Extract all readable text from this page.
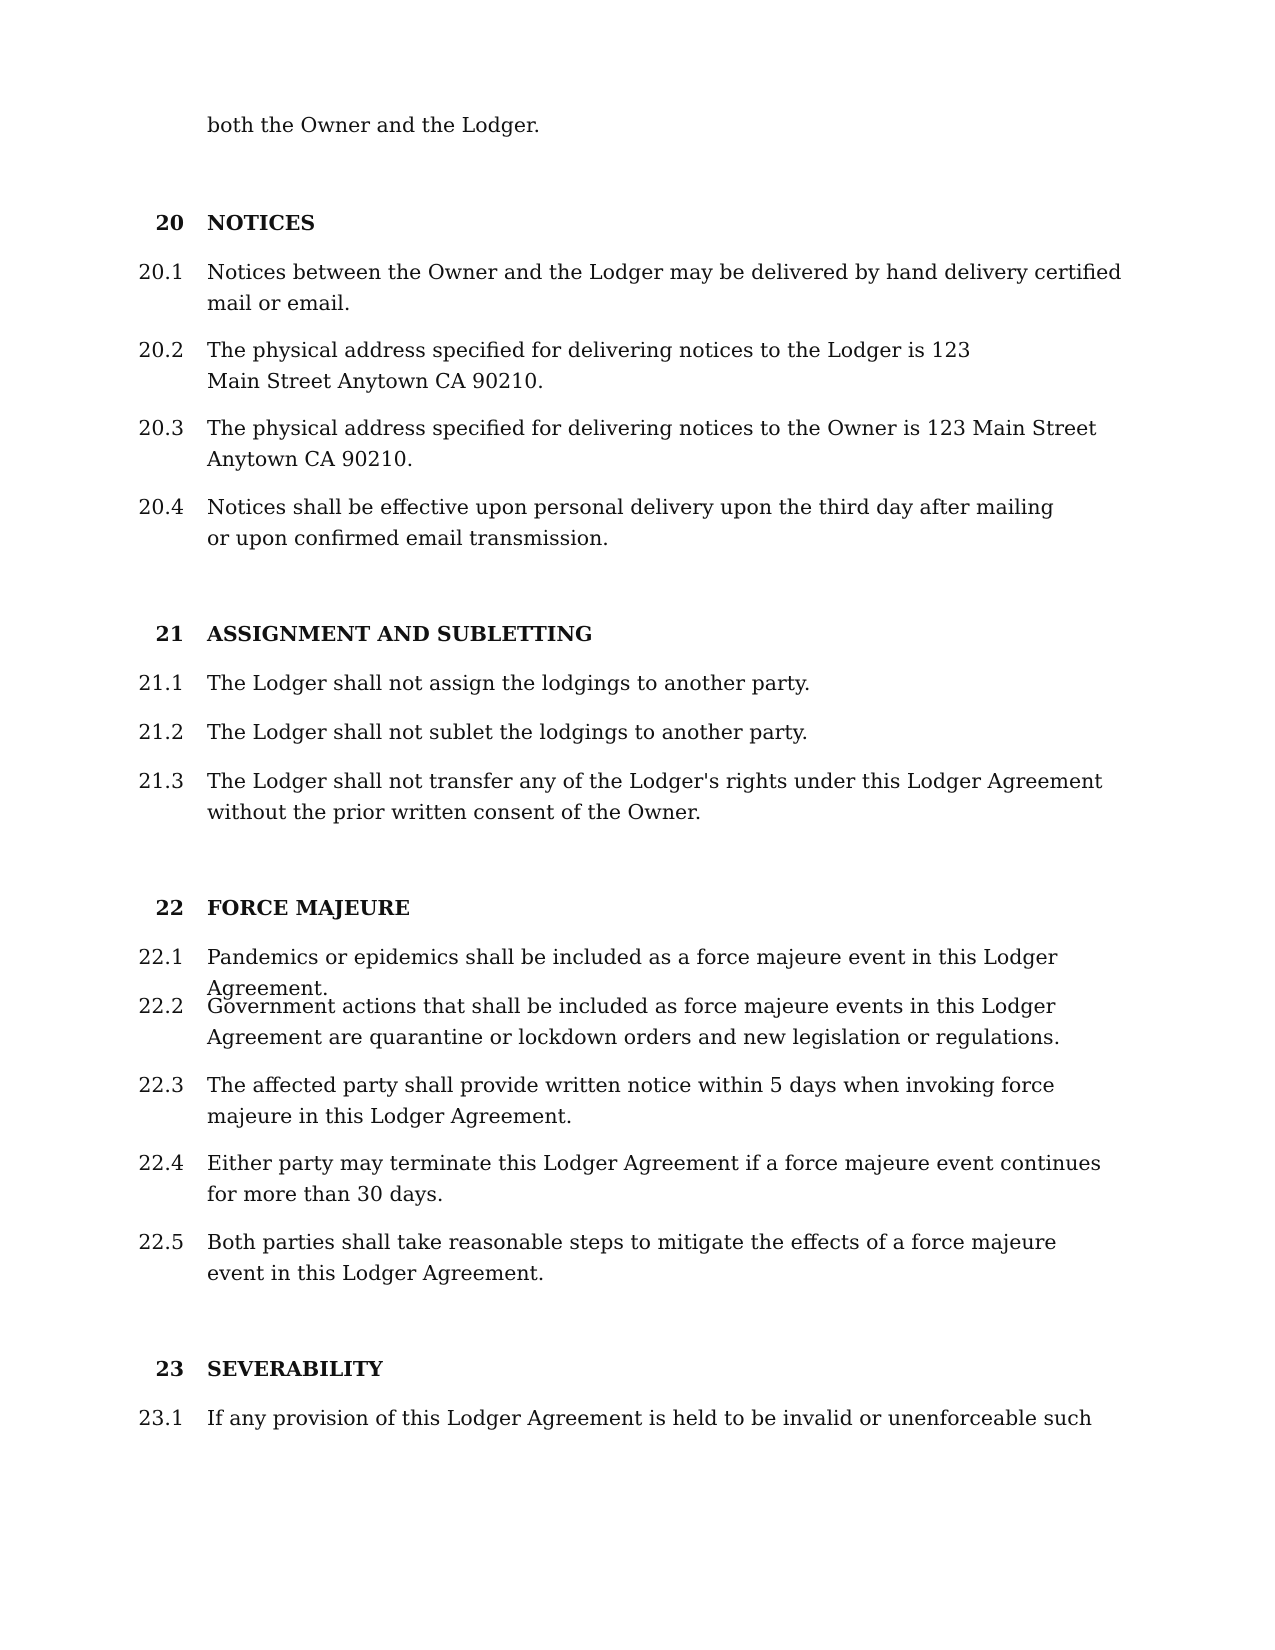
both the Owner and the Lodger.
20 NOTICES
20.1 Notices between the Owner and the Lodger may be delivered by hand delivery certified mail or email.
20.2 The physical address specified for delivering notices to the Lodger is 123 Main Street Anytown CA 90210.
20.3 The physical address specified for delivering notices to the Owner is 123 Main Street Anytown CA 90210.
20.4 Notices shall be effective upon personal delivery upon the third day after mailing or upon confirmed email transmission.
21 ASSIGNMENT AND SUBLETTING
21.1 The Lodger shall not assign the lodgings to another party.
21.2 The Lodger shall not sublet the lodgings to another party.
21.3 The Lodger shall not transfer any of the Lodger's rights under this Lodger Agreement without the prior written consent of the Owner.
22 FORCE MAJEURE
22.1 Pandemics or epidemics shall be included as a force majeure event in this Lodger Agreement.
22.2 Government actions that shall be included as force majeure events in this Lodger Agreement are quarantine or lockdown orders and new legislation or regulations.
22.3 The affected party shall provide written notice within 5 days when invoking force majeure in this Lodger Agreement.
22.4 Either party may terminate this Lodger Agreement if a force majeure event continues for more than 30 days.
22.5 Both parties shall take reasonable steps to mitigate the effects of a force majeure event in this Lodger Agreement.
23 SEVERABILITY
23.1 If any provision of this Lodger Agreement is held to be invalid or unenforceable such
